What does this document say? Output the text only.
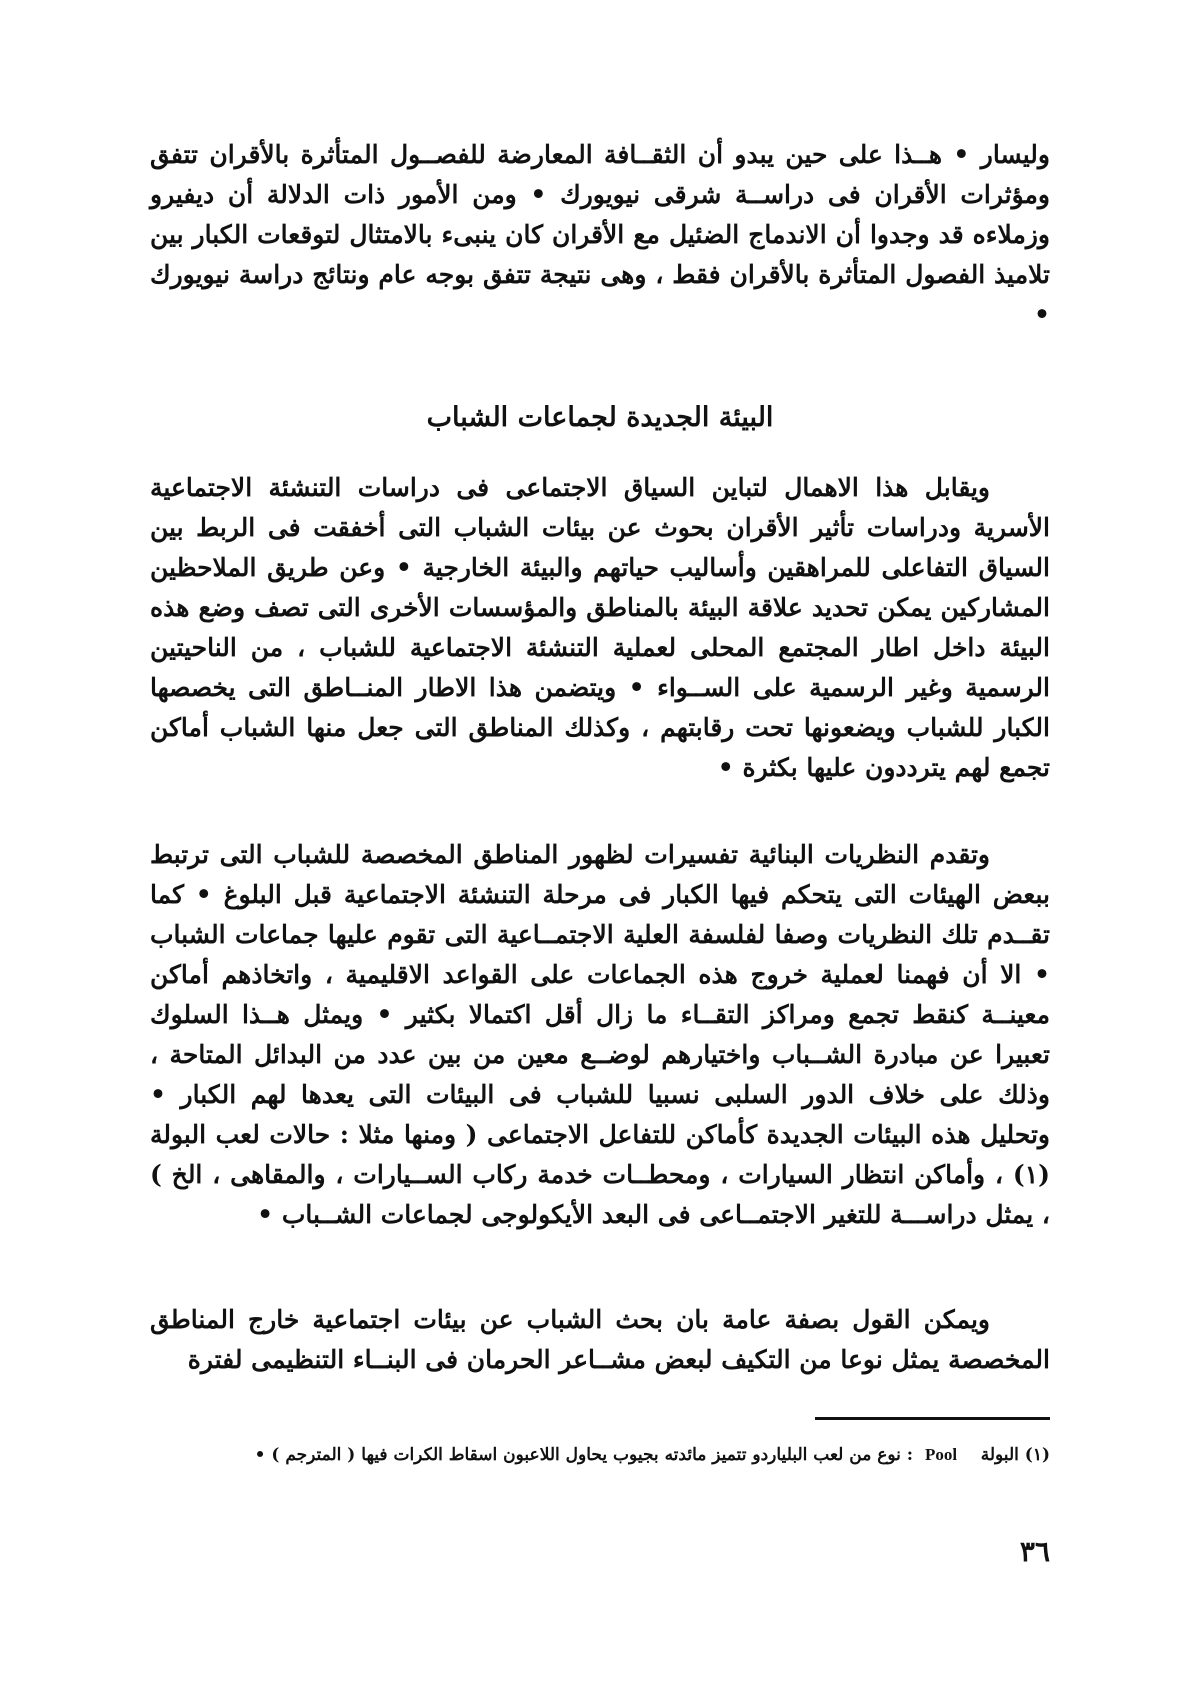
وليسار • هــذا على حين يبدو أن الثقــافة المعارضة للفصــول المتأثرة بالأقران تتفق ومؤثرات الأقران فى دراســة شرقى نيويورك • ومن الأمور ذات الدلالة أن ديفيرو وزملاءه قد وجدوا أن الاندماج الضئيل مع الأقران كان ينبىء بالامتثال لتوقعات الكبار بين تلاميذ الفصول المتأثرة بالأقران فقط ، وهى نتيجة تتفق بوجه عام ونتائج دراسة نيويورك •

البيئة الجديدة لجماعات الشباب

ويقابل هذا الاهمال لتباين السياق الاجتماعى فى دراسات التنشئة الاجتماعية الأسرية ودراسات تأثير الأقران بحوث عن بيئات الشباب التى أخفقت فى الربط بين السياق التفاعلى للمراهقين وأساليب حياتهم والبيئة الخارجية • وعن طريق الملاحظين المشاركين يمكن تحديد علاقة البيئة بالمناطق والمؤسسات الأخرى التى تصف وضع هذه البيئة داخل اطار المجتمع المحلى لعملية التنشئة الاجتماعية للشباب ، من الناحيتين الرسمية وغير الرسمية على الســواء • ويتضمن هذا الاطار المنــاطق التى يخصصها الكبار للشباب ويضعونها تحت رقابتهم ، وكذلك المناطق التى جعل منها الشباب أماكن تجمع لهم يترددون عليها بكثرة •

وتقدم النظريات البنائية تفسيرات لظهور المناطق المخصصة للشباب التى ترتبط ببعض الهيئات التى يتحكم فيها الكبار فى مرحلة التنشئة الاجتماعية قبل البلوغ • كما تقــدم تلك النظريات وصفا لفلسفة العلية الاجتمــاعية التى تقوم عليها جماعات الشباب • الا أن فهمنا لعملية خروج هذه الجماعات على القواعد الاقليمية ، واتخاذهم أماكن معينــة كنقط تجمع ومراكز التقــاء ما زال أقل اكتمالا بكثير • ويمثل هــذا السلوك تعبيرا عن مبادرة الشــباب واختيارهم لوضــع معين من بين عدد من البدائل المتاحة ، وذلك على خلاف الدور السلبى نسبيا للشباب فى البيئات التى يعدها لهم الكبار • وتحليل هذه البيئات الجديدة كأماكن للتفاعل الاجتماعى ( ومنها مثلا : حالات لعب البولة (١) ، وأماكن انتظار السيارات ، ومحطــات خدمة ركاب الســيارات ، والمقاهى ، الخ ) ، يمثل دراســـة للتغير الاجتمــاعى فى البعد الأيكولوجى لجماعات الشــباب •

ويمكن القول بصفة عامة بان بحث الشباب عن بيئات اجتماعية خارج المناطق المخصصة يمثل نوعا من التكيف لبعض مشــاعر الحرمان فى البنــاء التنظيمى لفترة

(١) البولة    Pool  : نوع من لعب البلياردو تتميز مائدته بجيوب يحاول اللاعبون اسقاط الكرات فيها ( المترجم ) •

٣٦
